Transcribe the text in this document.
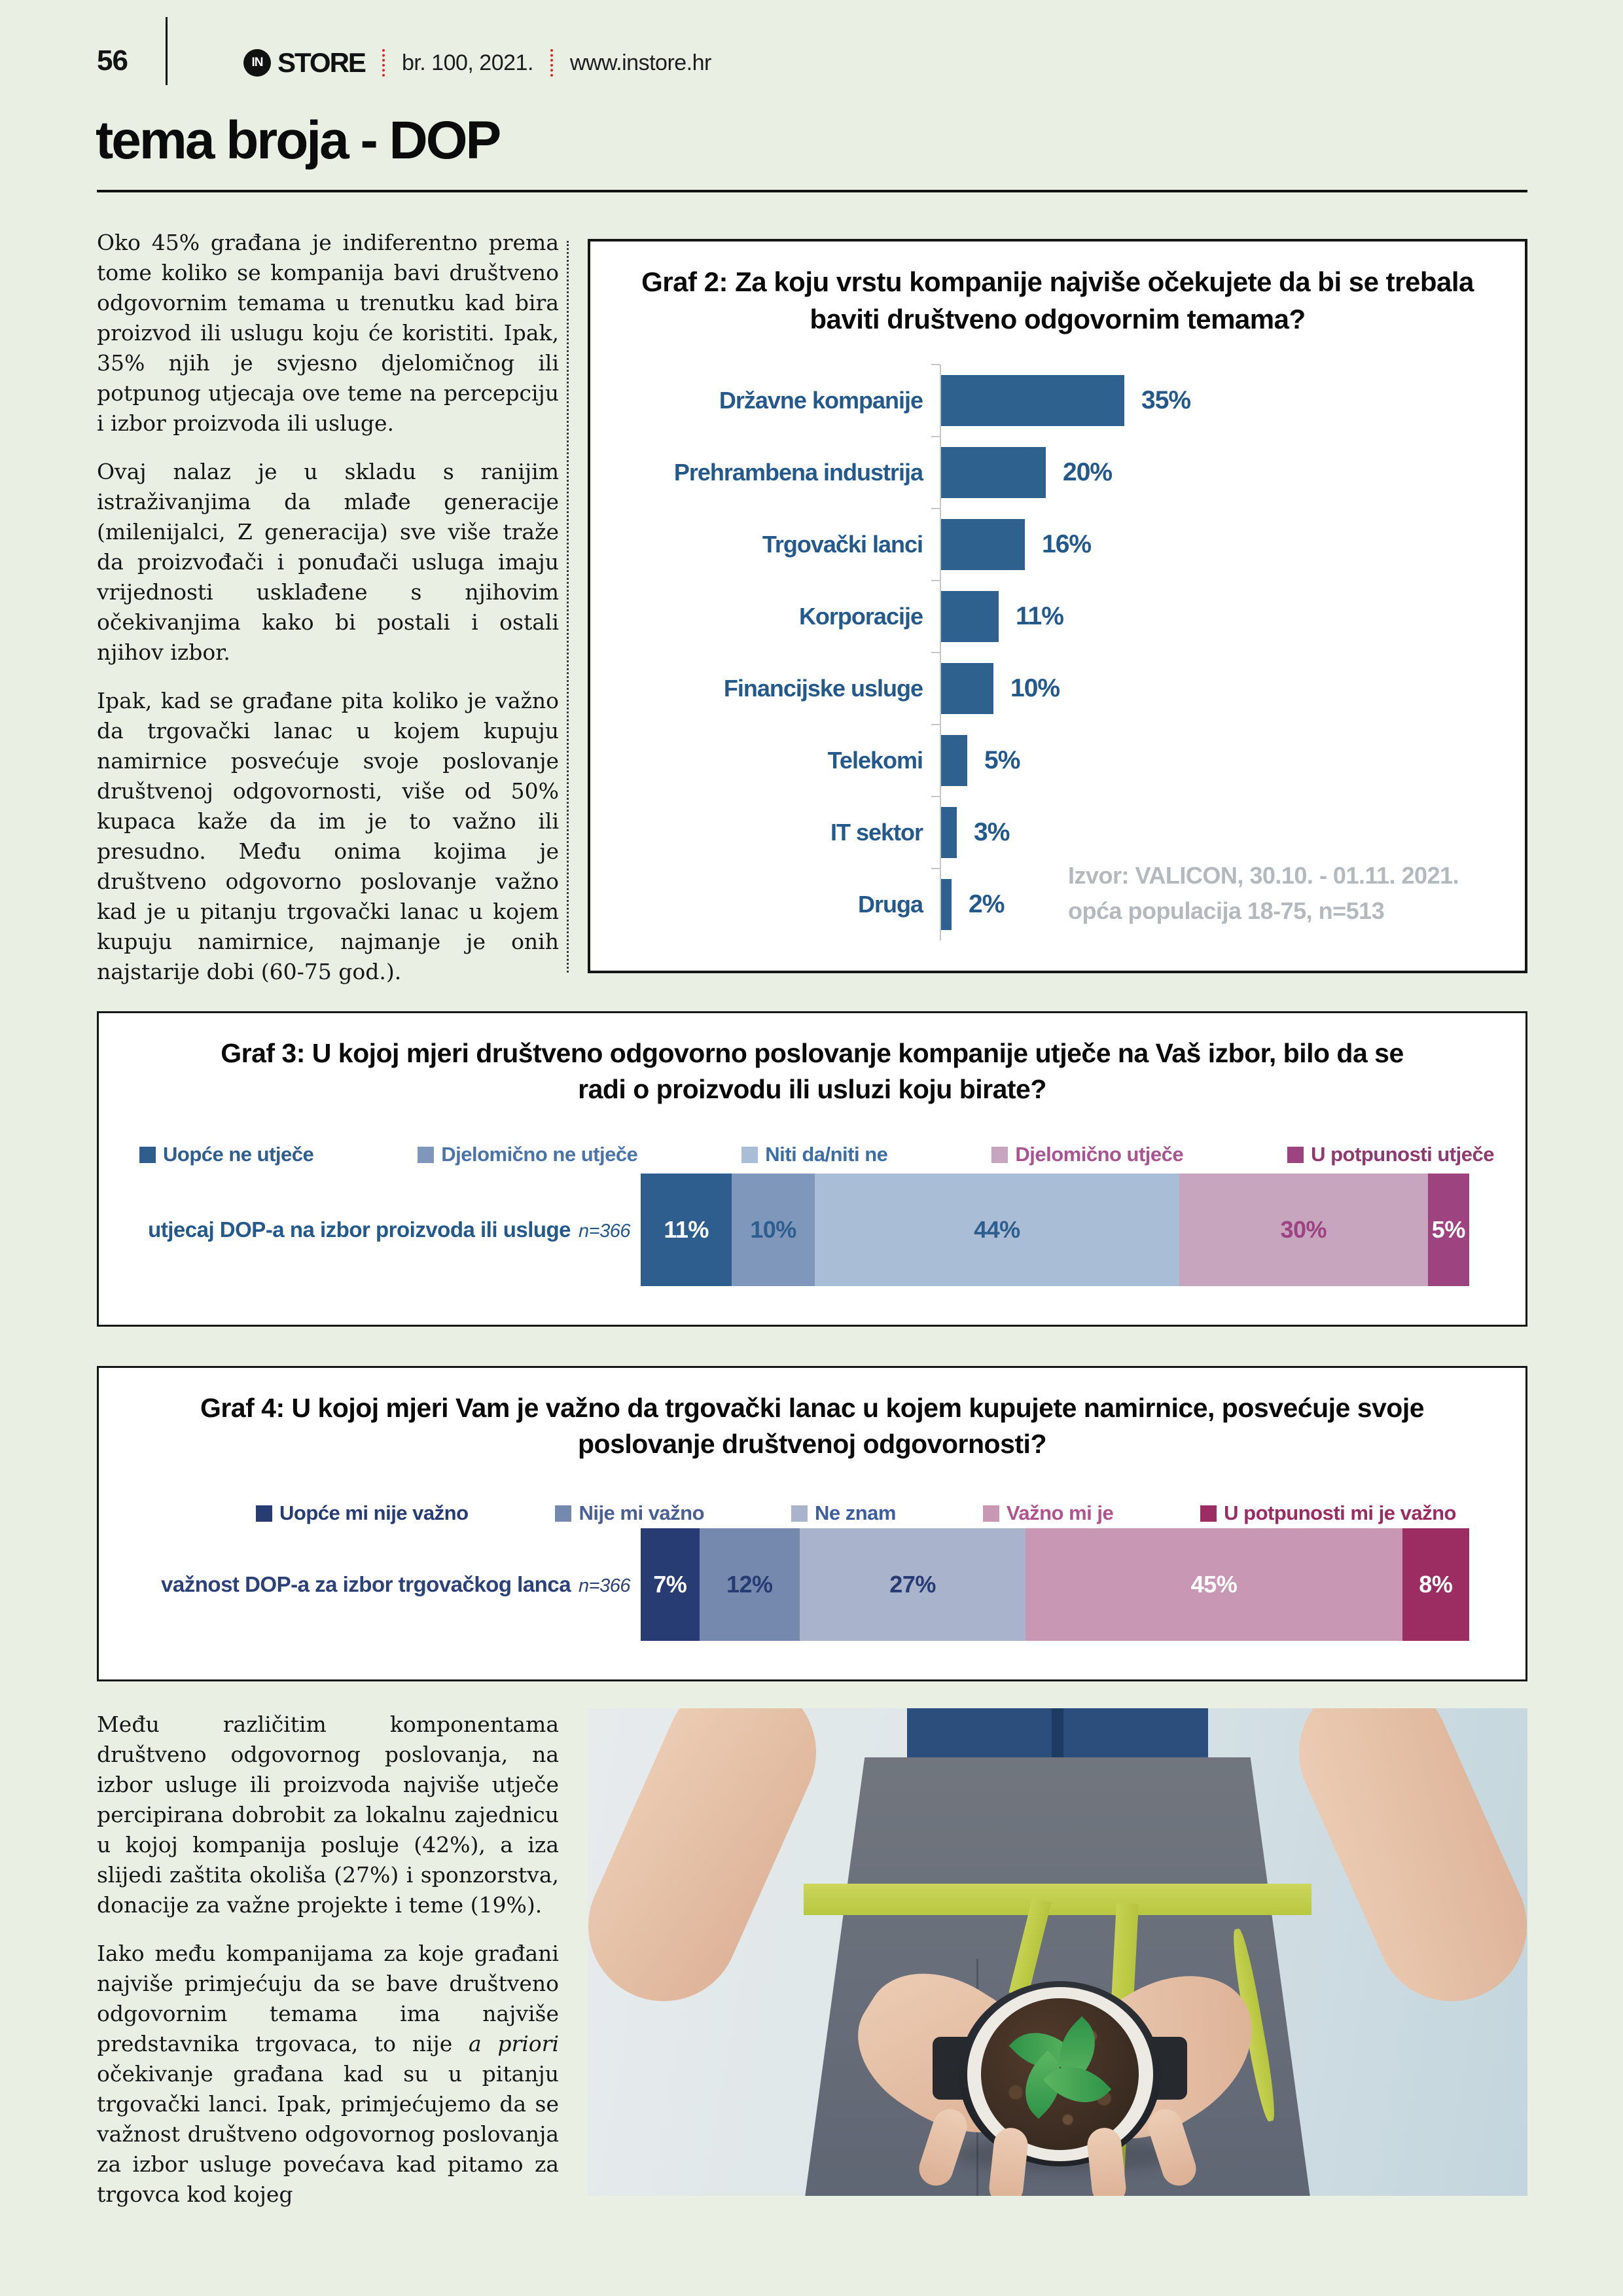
56	IN STORE br. 100, 2021. www.instore.hr
tema broja - DOP

Oko 45% građana je indiferentno prema tome koliko se kompanija bavi društveno odgovornim temama u trenutku kad bira proizvod ili uslugu koju će koristiti. Ipak, 35% njih je svjesno djelomičnog ili potpunog utjecaja ove teme na percepciju i izbor proizvoda ili usluge.

Ovaj nalaz je u skladu s ranijim istraživanjima da mlađe generacije (milenijalci, Z generacija) sve više traže da proizvođači i ponuđači usluga imaju vrijednosti usklađene s njihovim očekivanjima kako bi postali i ostali njihov izbor.

Ipak, kad se građane pita koliko je važno da trgovački lanac u kojem kupuju namirnice posvećuje svoje poslovanje društvenoj odgovornosti, više od 50% kupaca kaže da im je to važno ili presudno. Među onima kojima je društveno odgovorno poslovanje važno kad je u pitanju trgovački lanac u kojem kupuju namirnice, najmanje je onih najstarije dobi (60-75 god.).

Graf 2: Za koju vrstu kompanije najviše očekujete da bi se trebala baviti društveno odgovornim temama?
Državne kompanije	35%
Prehrambena industrija	20%
Trgovački lanci	16%
Korporacije	11%
Financijske usluge	10%
Telekomi	5%
IT sektor	3%
Druga	2%
Izvor: VALICON, 30.10. - 01.11. 2021.
opća populacija 18-75, n=513
Graf 3: U kojoj mjeri društveno odgovorno poslovanje kompanije utječe na Vaš izbor, bilo da se radi o proizvodu ili usluzi koju birate?
Uopće ne utječe	Djelomično ne utječe	Niti da/niti ne	Djelomično utječe	U potpunosti utječe
utjecaj DOP-a na izbor proizvoda ili usluge n=366	11% 10%	44%	30%	5%
Graf 4: U kojoj mjeri Vam je važno da trgovački lanac u kojem kupujete namirnice, posvećuje svoje poslovanje društvenoj odgovornosti?
Uopće mi nije važno	Nije mi važno	Ne znam	Važno mi je	U potpunosti mi je važno
važnost DOP-a za izbor trgovačkog lanca n=366 7% 12%	27%	45%	8%

Među različitim komponentama društveno odgovornog poslovanja, na izbor usluge ili proizvoda najviše utječe percipirana dobrobit za lokalnu zajednicu u kojoj kompanija posluje (42%), a iza slijedi zaštita okoliša (27%) i sponzorstva, donacije za važne projekte i teme (19%).

Iako među kompanijama za koje građani najviše primjećuju da se bave društveno odgovornim temama ima najviše predstavnika trgovaca, to nije a priori očekivanje građana kad su u pitanju trgovački lanci. Ipak, primjećujemo da se važnost društveno odgovornog poslovanja za izbor usluge povećava kad pitamo za trgovca kod kojeg
